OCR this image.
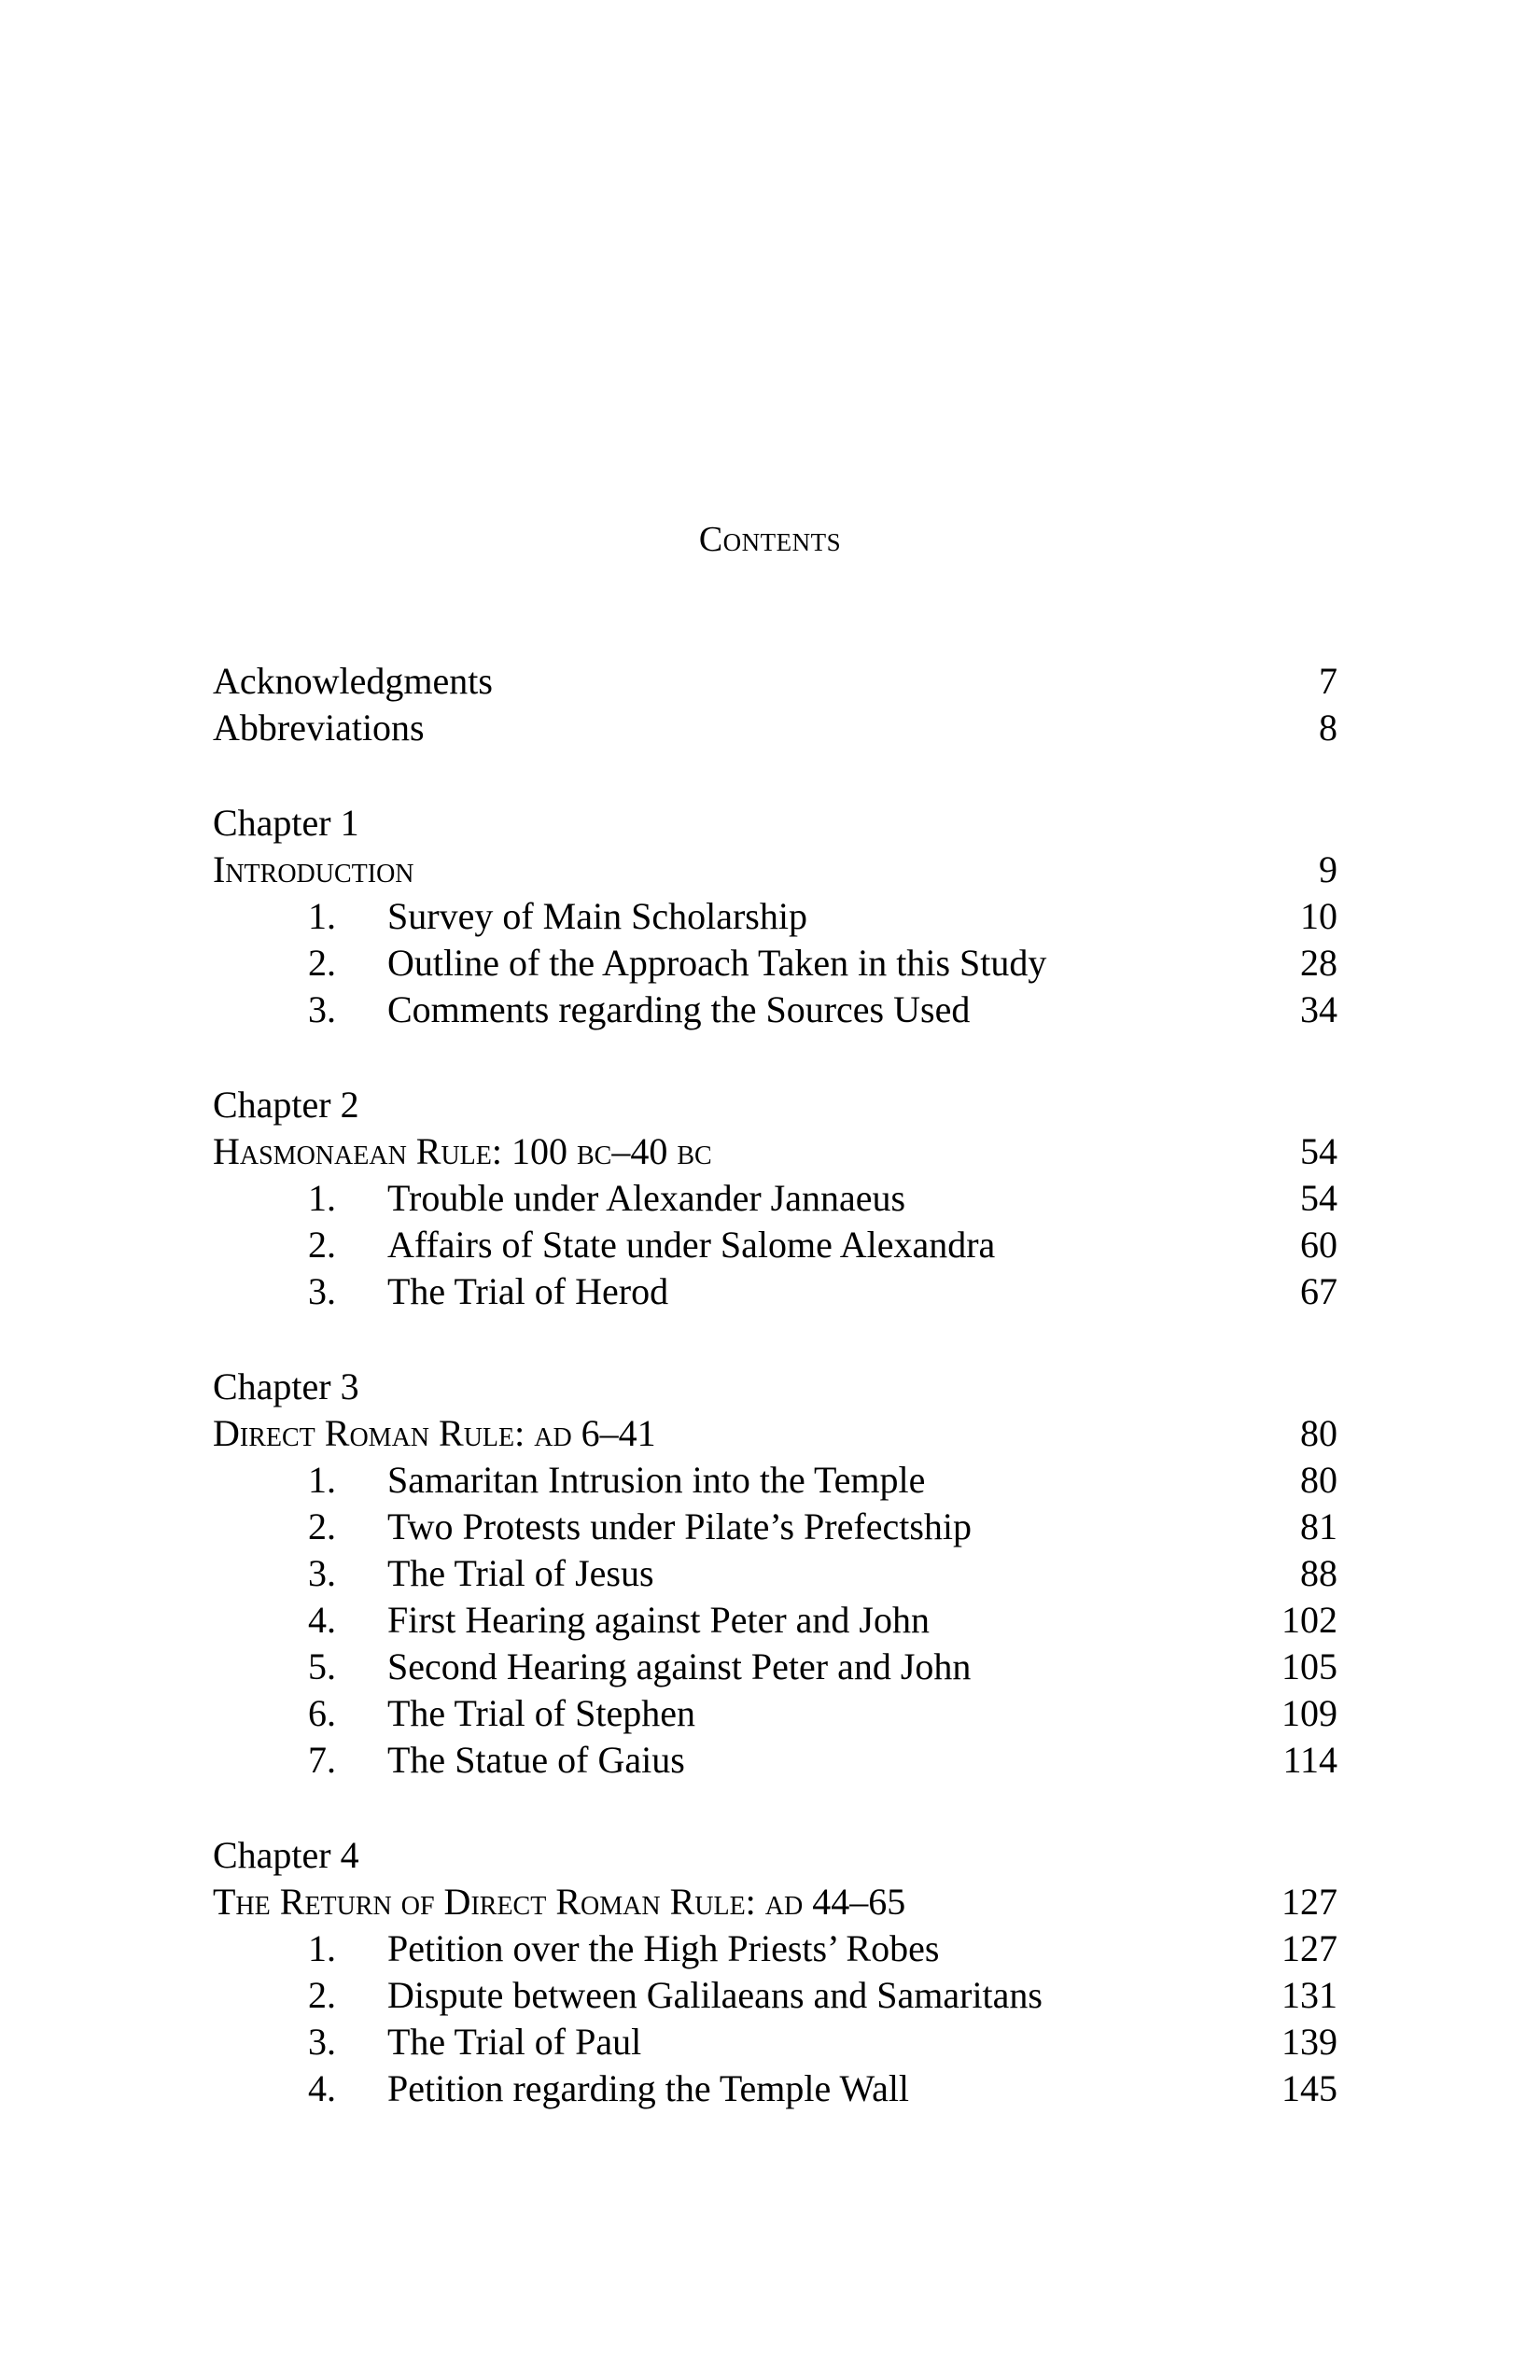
Contents
Acknowledgments	7
Abbreviations	8
Chapter 1
Introduction	9
1. Survey of Main Scholarship	10
2. Outline of the Approach Taken in this Study	28
3. Comments regarding the Sources Used	34
Chapter 2
Hasmonaean Rule: 100 bc–40 bc	54
1. Trouble under Alexander Jannaeus	54
2. Affairs of State under Salome Alexandra	60
3. The Trial of Herod	67
Chapter 3
Direct Roman Rule: ad 6–41	80
1. Samaritan Intrusion into the Temple	80
2. Two Protests under Pilate’s Prefectship	81
3. The Trial of Jesus	88
4. First Hearing against Peter and John	102
5. Second Hearing against Peter and John	105
6. The Trial of Stephen	109
7. The Statue of Gaius	114
Chapter 4
The Return of Direct Roman Rule: ad 44–65	127
1. Petition over the High Priests’ Robes	127
2. Dispute between Galilaeans and Samaritans	131
3. The Trial of Paul	139
4. Petition regarding the Temple Wall	145
